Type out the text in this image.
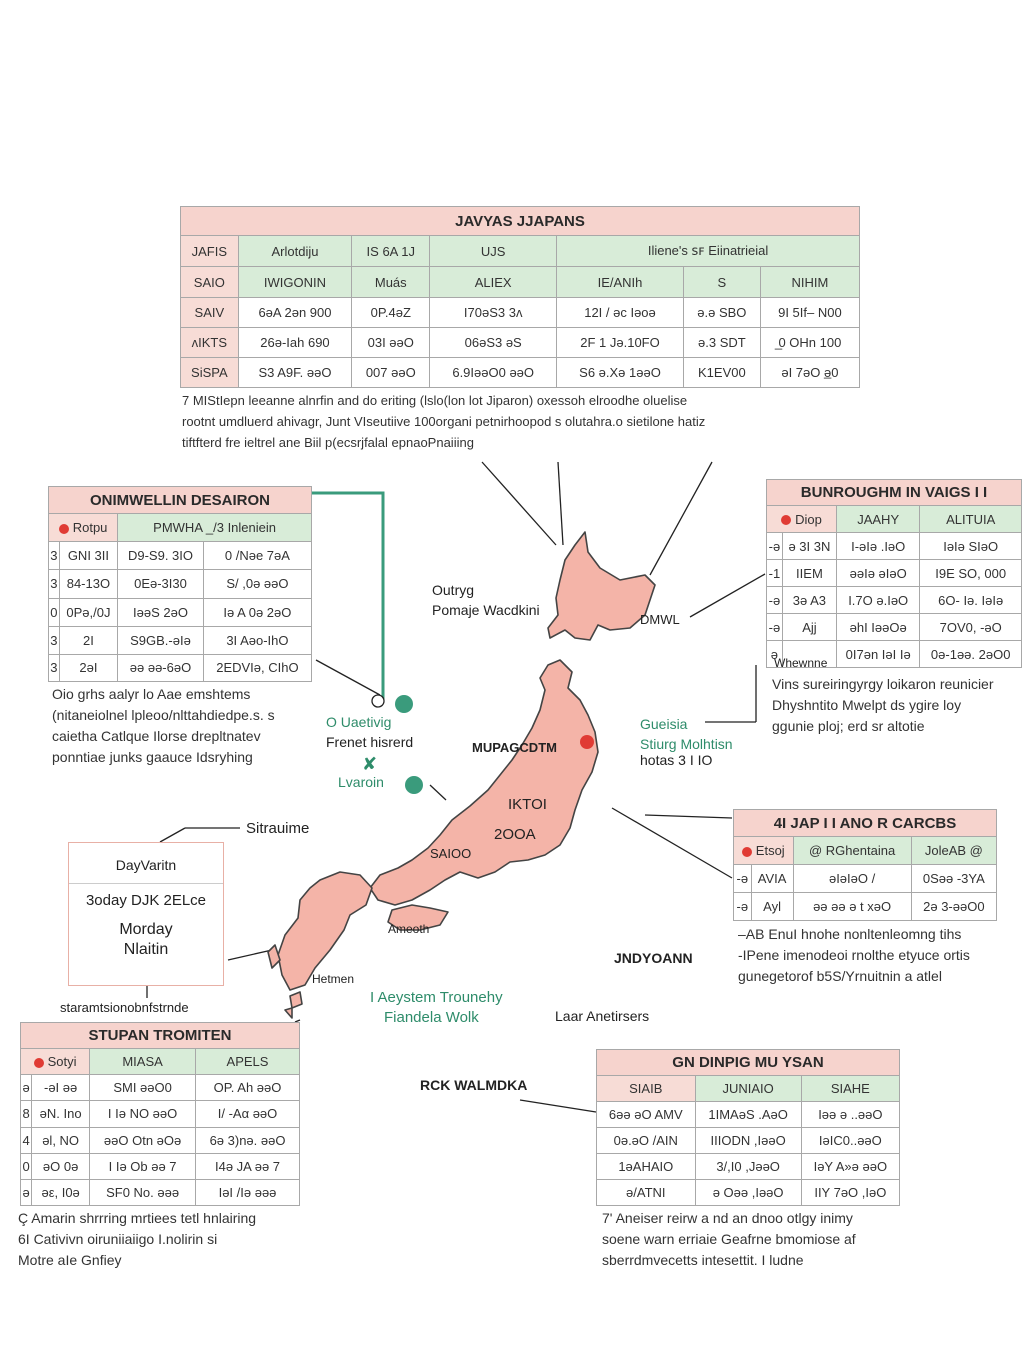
JAVYAS JJAPANS						
JAFIS	Arlotdiju	IS 6A 1J	UJS	Iliene's ꜱꜰ Eiinatrieial		
SAIO	IWIGONIN	Muás	ALIEX	IE/ANIh	S	NIHIM
SAIV	6əA 2ən 900	0P.4əZ	I70əS3 3ʌ	12I / əc Iəoə	ə.ə SBO	9I 5If– N00
ʌIKTS	26ə-Iah 690	03I əəO	06əS3 əS	2F 1 Jə.10FO	ə.3 SDT	̲0 OHn 100
SiSPA	S3 A9F. əəO	007 əəO	6.9IəəO0 əəO	S6 ə.Xə 1əəO	K1EV00	əI 7əO ə̲0
7 MIStIepn leeanne alnrfin and do eriting (lslo(lon lot Jiparon) oxessoh elroodhe oluelise
rootnt umdluerd ahivagr, Junt VIseutiive 100organi petnirhoopod s olutahra.o sietilone hatiz
tiftfterd fre ieltrel ane Biil p(ecsrjfalal epnaoPnaiiing
ONIMWELLIN DESAIRON			
Rotpu		PMWHA _/3 Inleniein	
3	GNI 3II	D9-S9. 3IO	0 /Nəe 7əA
3	84-13O	0Eə-3I30	S/ ,0ə əəO
0	0Pə,/0J	IəəS 2əO	Iə A 0ə 2əO
3	2I	S9GB.-əIə	3I Aəo-IhO
3	2əI	əə əə-6əO	2EDVIə, CIhO
Oio grhs aalyr lo Aae emshtems
(nitaneiolnel lpleoo/nlttahdiedpe.s. s
caietha Catlque Ilorse drepltnatev
ponntiae junks gaauce Idsryhing
BUNROUGHM IN VAIGS I I			
Diop		JAAHY	ALITUIA
-ə	ə 3I 3N	I-əIə .IəO	IəIə SIəO
-1	IIEM	əəIə əIəO	I9E SO, 000
-ə	3ə A3	I.7O ə.IəO	6O- Iə. IəIə
-ə	Ajj	əhI IəəOə	7OV0, -əO
ə		0I7ən IəI Iə	0ə-1əə. 2əO0
Whewnne
Vins sureiringyrgy loikaron reunicier
Dhyshntito Mwelpt ds ygire loy
ggunie ploj; erd sr altotie
4I JAP I I ANO R CARCBS			
Etsoj		@ RGhentaina	JoleAB @
-ə	AVIA	əIəIəO /	0Səə -3YA
-ə	Ayl	əə əə ə t xəO	2ə 3-əəO0
–AB EnuI hnohe nonltenleomng tihs
-IPene imenodeoi rnolthe etyuce ortis
gunegetorof b5S/Yrnuitnin a atlel
STUPAN TROMITEN			
Sotyi		MIASA	APELS
ə	-əI əə	SMI əəO0	OP. Ah əəO
8	əN. Ino	I Iə NO əəO	I/ -Aα əəO
4	əl, NO	əəO Otn əOə	6ə 3)nə. əəO
0	əO 0ə	I Iə Ob əə 7	I4ə JA əə 7
ə	əε, I0ə	SF0 No. əəə	IəI /Iə əəə
Ç Amarin shrrring mrtiees tetl hnlairing
6I Cativivn oiruniiaiigo I.nolirin si
Motre aIe Gnfiey
GN DINPIG MU YSAN		
SIAIB	JUNIAIO	SIAHE
6əə əO AMV	1IMAəS .AəO	Iəə ə ..əəO
0ə.əO /AIN	IIIODN ,IəəO	IəIC0..əəO
1əAHAIO	3/,I0 ,JəəO	IəY A»ə əəO
ə/ATNI	ə Oəə ,IəəO	IIY 7əO ,IəO
7' Aneiser reirw a nd an dnoo otlgy inimy
soene warn erriaie Geafrne bmomiose af
sberrdmvecetts intesettit. I ludne
Sitrauime
DayVaritn
3oday DJK 2ELce
Morday
Nlaitin
staramtsionobnfstrnde
Outryg
Pomaje Wacdkini
DMWL
O Uaetivig
Frenet hisrerd
✘
Lvaroin
MUPAGCDTM
IKTOI
2OOA
SAIOO
Ameoth
Hetmen
Gueisia
Stiurg Molhtisn
hotas 3 I IO
JNDYOANN
I Aeystem Trounehy
Fiandela Wolk	Laar Anetirsers
RCK WALMDKA
